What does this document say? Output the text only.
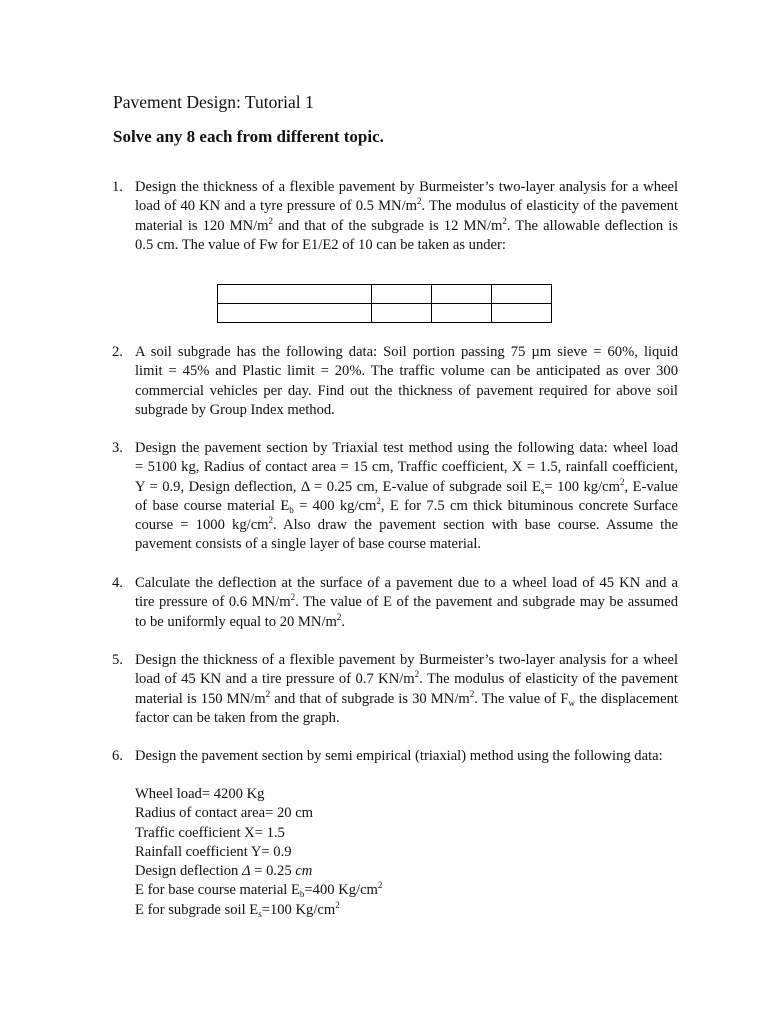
Pavement Design: Tutorial 1
Solve any 8 each from different topic.
1. Design the thickness of a flexible pavement by Burmeister’s two-layer analysis for a wheel
load of 40 KN and a tyre pressure of 0.5 $MN/m^2$. The modulus of elasticity of the pavement
material is 120 $MN/m^2$ and that of the subgrade is 12 $MN/m^2$. The allowable deflection is
0.5 cm. The value of Fw for E1/E2 of 10 can be taken as under:

2. A soil subgrade has the following data: Soil portion passing 75 µm sieve = 60%, liquid
limit = 45% and Plastic limit = 20%. The traffic volume can be anticipated as over 300
commercial vehicles per day. Find out the thickness of pavement required for above soil
subgrade by Group Index method.
3. Design the pavement section by Triaxial test method using the following data: wheel load
= 5100 kg, Radius of contact area = 15 cm, Traffic coefficient, X = 1.5, rainfall coefficient,
Y = 0.9, Design deflection, Δ = 0.25 cm, E-value of subgrade soil $E_s= 100$ $kg/cm^2$, E-value
of base course material $E_b = 400$ $kg/cm^2$, E for 7.5 cm thick bituminous concrete Surface
course = 1000 $kg/cm^2$. Also draw the pavement section with base course. Assume the
pavement consists of a single layer of base course material.
4. Calculate the deflection at the surface of a pavement due to a wheel load of 45 KN and a
tire pressure of 0.6 $MN/m^2$. The value of E of the pavement and subgrade may be assumed
to be uniformly equal to 20 $MN/m^2$.
5. Design the thickness of a flexible pavement by Burmeister’s two-layer analysis for a wheel
load of 45 KN and a tire pressure of 0.7 $KN/m^2$. The modulus of elasticity of the pavement
material is 150 $MN/m^2$ and that of subgrade is 30 $MN/m^2$. The value of $F_w$ the displacement
factor can be taken from the graph.
6. Design the pavement section by semi empirical (triaxial) method using the following data:
Wheel load= 4200 Kg
Radius of contact area= 20 cm
Traffic coefficient X= 1.5
Rainfall coefficient Y= 0.9
Design deflection Δ = 0.25 cm
E for base course material $E_b=400$ $Kg/cm^2$
E for subgrade soil $E_s=100$ $Kg/cm^2$
